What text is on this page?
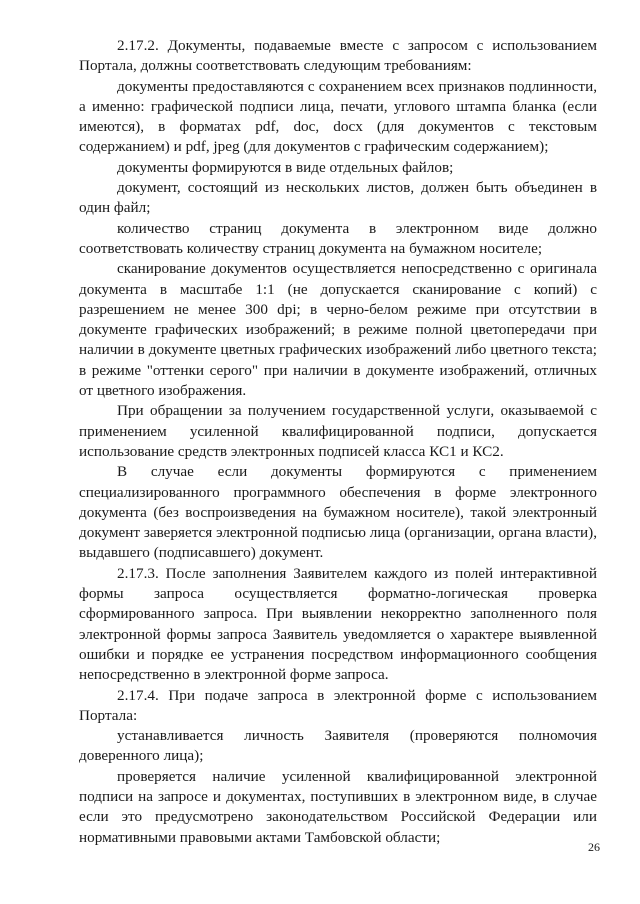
2.17.2. Документы, подаваемые вместе с запросом с использованием Портала, должны соответствовать следующим требованиям:

документы предоставляются с сохранением всех признаков подлинности, а именно: графической подписи лица, печати, углового штампа бланка (если имеются), в форматах pdf, doc, docx (для документов с текстовым содержанием) и pdf, jpeg (для документов с графическим содержанием);

документы формируются в виде отдельных файлов;

документ, состоящий из нескольких листов, должен быть объединен в один файл;

количество страниц документа в электронном виде должно соответствовать количеству страниц документа на бумажном носителе;

сканирование документов осуществляется непосредственно с оригинала документа в масштабе 1:1 (не допускается сканирование с копий) с разрешением не менее 300 dpi; в черно-белом режиме при отсутствии в документе графических изображений; в режиме полной цветопередачи при наличии в документе цветных графических изображений либо цветного текста; в режиме "оттенки серого" при наличии в документе изображений, отличных от цветного изображения.

При обращении за получением государственной услуги, оказываемой с применением усиленной квалифицированной подписи, допускается использование средств электронных подписей класса КС1 и КС2.

В случае если документы формируются с применением специализированного программного обеспечения в форме электронного документа (без воспроизведения на бумажном носителе), такой электронный документ заверяется электронной подписью лица (организации, органа власти), выдавшего (подписавшего) документ.

2.17.3. После заполнения Заявителем каждого из полей интерактивной формы запроса осуществляется форматно-логическая проверка сформированного запроса. При выявлении некорректно заполненного поля электронной формы запроса Заявитель уведомляется о характере выявленной ошибки и порядке ее устранения посредством информационного сообщения непосредственно в электронной форме запроса.

2.17.4. При подаче запроса в электронной форме с использованием Портала:

устанавливается личность Заявителя (проверяются полномочия доверенного лица);

проверяется наличие усиленной квалифицированной электронной подписи на запросе и документах, поступивших в электронном виде, в случае если это предусмотрено законодательством Российской Федерации или нормативными правовыми актами Тамбовской области;

26
